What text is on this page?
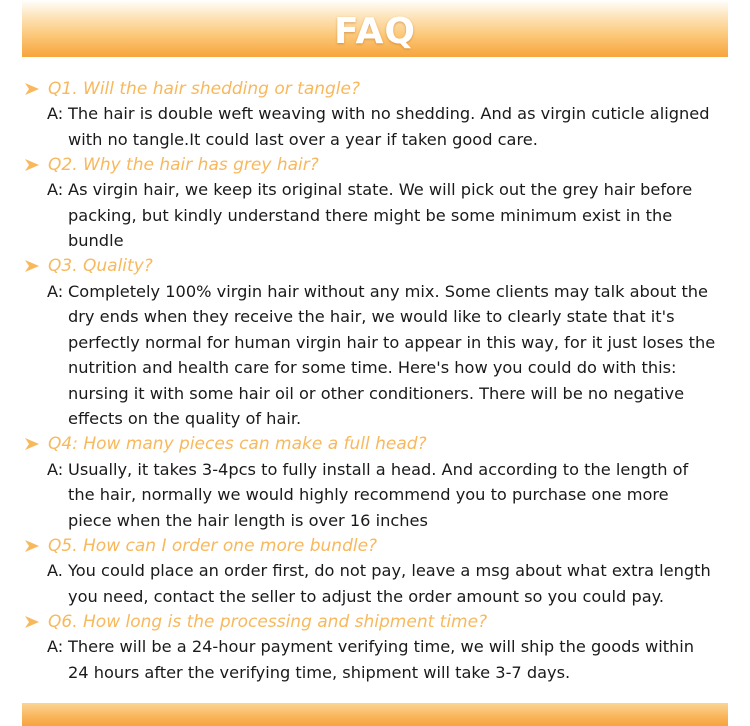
FAQ
Q1. Will the hair shedding or tangle?
A: The hair is double weft weaving with no shedding. And as virgin cuticle aligned
with no tangle.It could last over a year if taken good care.
Q2. Why the hair has grey hair?
A: As virgin hair, we keep its original state. We will pick out the grey hair before
packing, but kindly understand there might be some minimum exist in the
bundle
Q3. Quality?
A: Completely 100% virgin hair without any mix. Some clients may talk about the
dry ends when they receive the hair, we would like to clearly state that it's
perfectly normal for human virgin hair to appear in this way, for it just loses the
nutrition and health care for some time. Here's how you could do with this:
nursing it with some hair oil or other conditioners. There will be no negative
effects on the quality of hair.
Q4: How many pieces can make a full head?
A: Usually, it takes 3-4pcs to fully install a head. And according to the length of
the hair, normally we would highly recommend you to purchase one more
piece when the hair length is over 16 inches
Q5. How can I order one more bundle?
A. You could place an order first, do not pay, leave a msg about what extra length
you need, contact the seller to adjust the order amount so you could pay.
Q6. How long is the processing and shipment time?
A: There will be a 24-hour payment verifying time, we will ship the goods within
24 hours after the verifying time, shipment will take 3-7 days.
